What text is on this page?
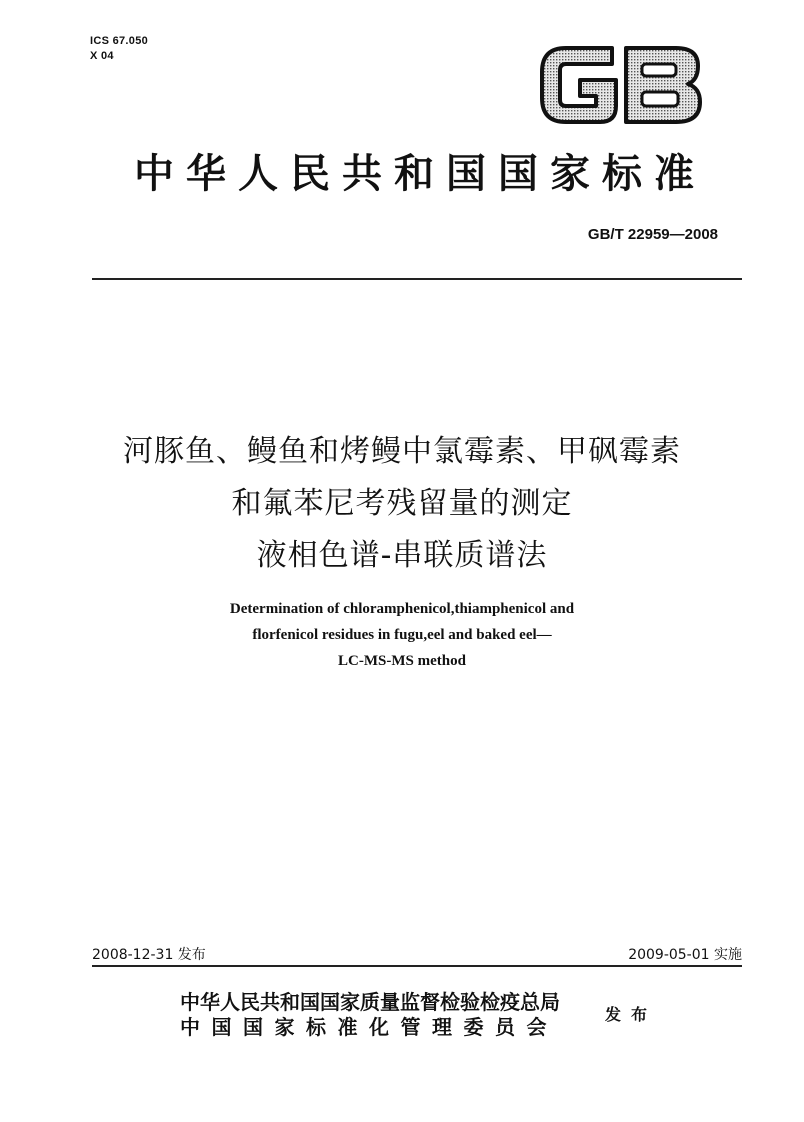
ICS 67.050
X 04
中华人民共和国国家标准
GB/T 22959—2008
河豚鱼、鳗鱼和烤鳗中氯霉素、甲砜霉素
和氟苯尼考残留量的测定
液相色谱-串联质谱法
Determination of chloramphenicol,thiamphenicol and
florfenicol residues in fugu,eel and baked eel—
LC-MS-MS method
2008-12-31 发布	2009-05-01 实施
中华人民共和国国家质量监督检验检疫总局
中国国家标准化管理委员会
发布
